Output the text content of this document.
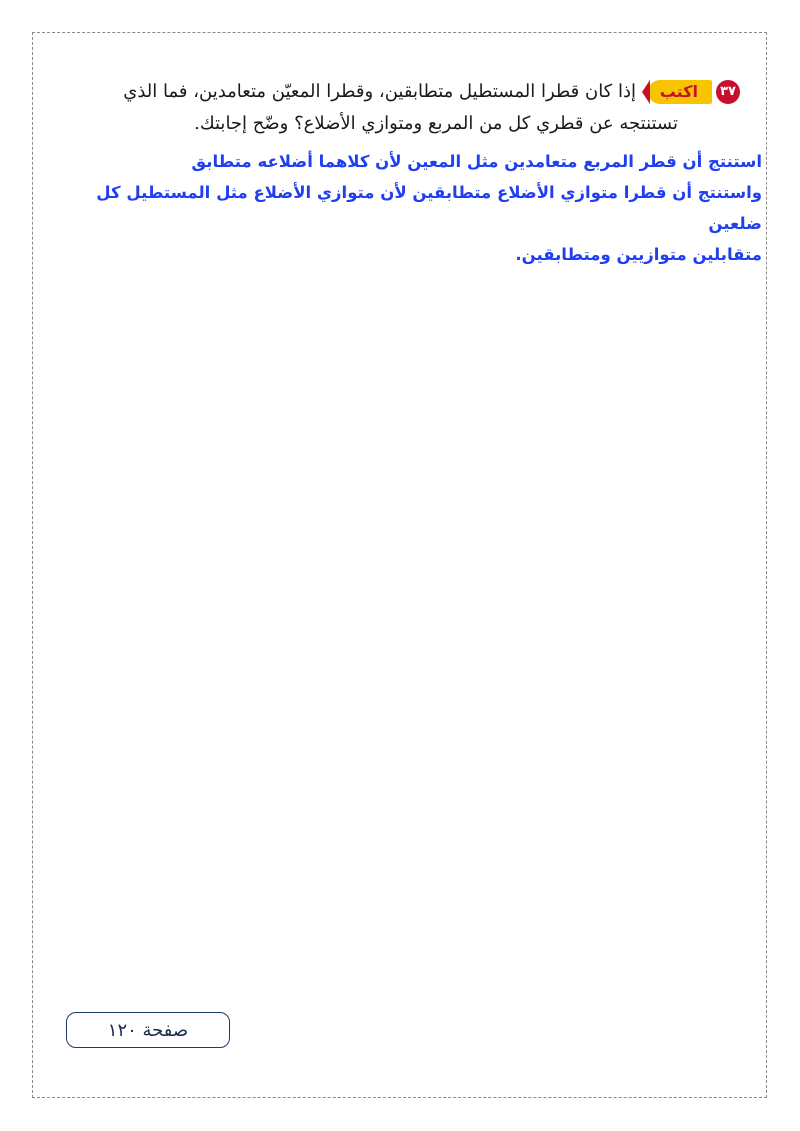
٣٧اكتب إذا كان قطرا المستطيل متطابقين، وقطرا المعيّن متعامدين، فما الذي
تستنتجه عن قطري كل من المربع ومتوازي الأضلاع؟ وضّح إجابتك.

استنتج أن قطر المربع متعامدين مثل المعين لأن كلاهما أضلاعه متطابق

واستنتج أن قطرا متوازي الأضلاع متطابقين لأن متوازي الأضلاع مثل المستطيل كل ضلعين

متقابلين متوازيين ومتطابقين.

صفحة ١٢٠
